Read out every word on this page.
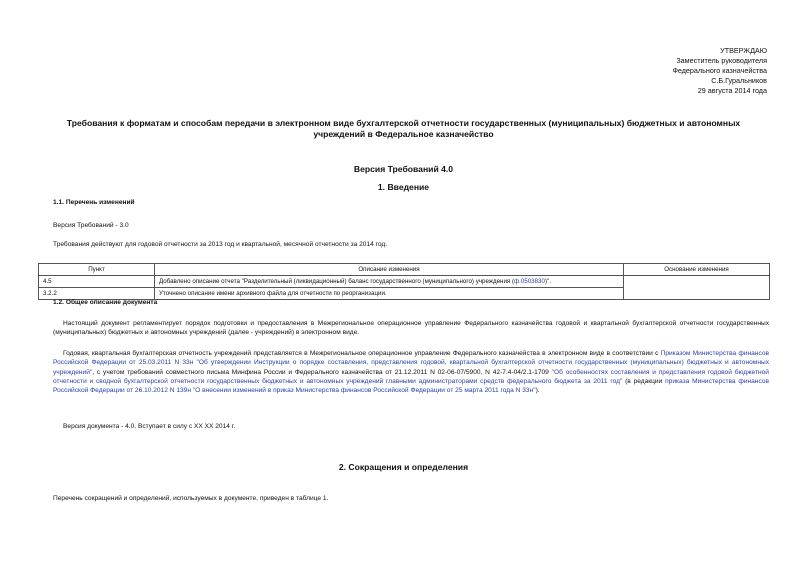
УТВЕРЖДАЮ
Заместитель руководителя
Федерального казначейства
С.Б.Гуральников
29 августа 2014 года
Требования к форматам и способам передачи в электронном виде бухгалтерской отчетности государственных (муниципальных) бюджетных и автономных
учреждений в Федеральное казначейство
Версия Требований 4.0
1. Введение
1.1. Перечень изменений
Версия Требований - 3.0
Требования действуют для годовой отчетности за 2013 год и квартальной, месячной отчетности за 2014 год.
Пункт	Описание изменения	Основание изменения
4.5	Добавлено описание отчета "Разделительный (ликвидационный) баланс государственного (муниципального) учреждения (ф.0503830)".	
3.2.2	Уточнено описание имени архивного файла для отчетности по реорганизации.	
1.2. Общее описание документа
Настоящий документ регламентирует порядок подготовки и предоставления в Межрегиональное операционное управление Федерального казначейства годовой и квартальной бухгалтерской отчетности государственных (муниципальных) бюджетных и автономных учреждений (далее - учреждений) в электронном виде.
Годовая, квартальная бухгалтерская отчетность учреждений представляется в Межрегиональное операционное управление Федерального казначейства в электронном виде в соответствии с Приказом Министерства финансов Российской Федерации от 25.03.2011 N 33н "Об утверждении Инструкции о порядке составления, представления годовой, квартальной бухгалтерской отчетности государственных (муниципальных) бюджетных и автономных учреждений", с учетом требований совместного письма Минфина России и Федерального казначейства от 21.12.2011 N 02-06-07/5900, N 42-7.4-04/2.1-1709 "Об особенностях составления и представления годовой бюджетной отчетности и сводной бухгалтерской отчетности государственных бюджетных и автономных учреждений главными администраторами средств федерального бюджета за 2011 год" (в редакции приказа Министерства финансов Российской Федерации от 26.10.2012 N 139н "О внесении изменений в приказ Министерства финансов Российской Федерации от 25 марта 2011 года N 33н").
Версия документа - 4.0. Вступает в силу с XX XX 2014 г.
2. Сокращения и определения
Перечень сокращений и определений, используемых в документе, приведен в таблице 1.
